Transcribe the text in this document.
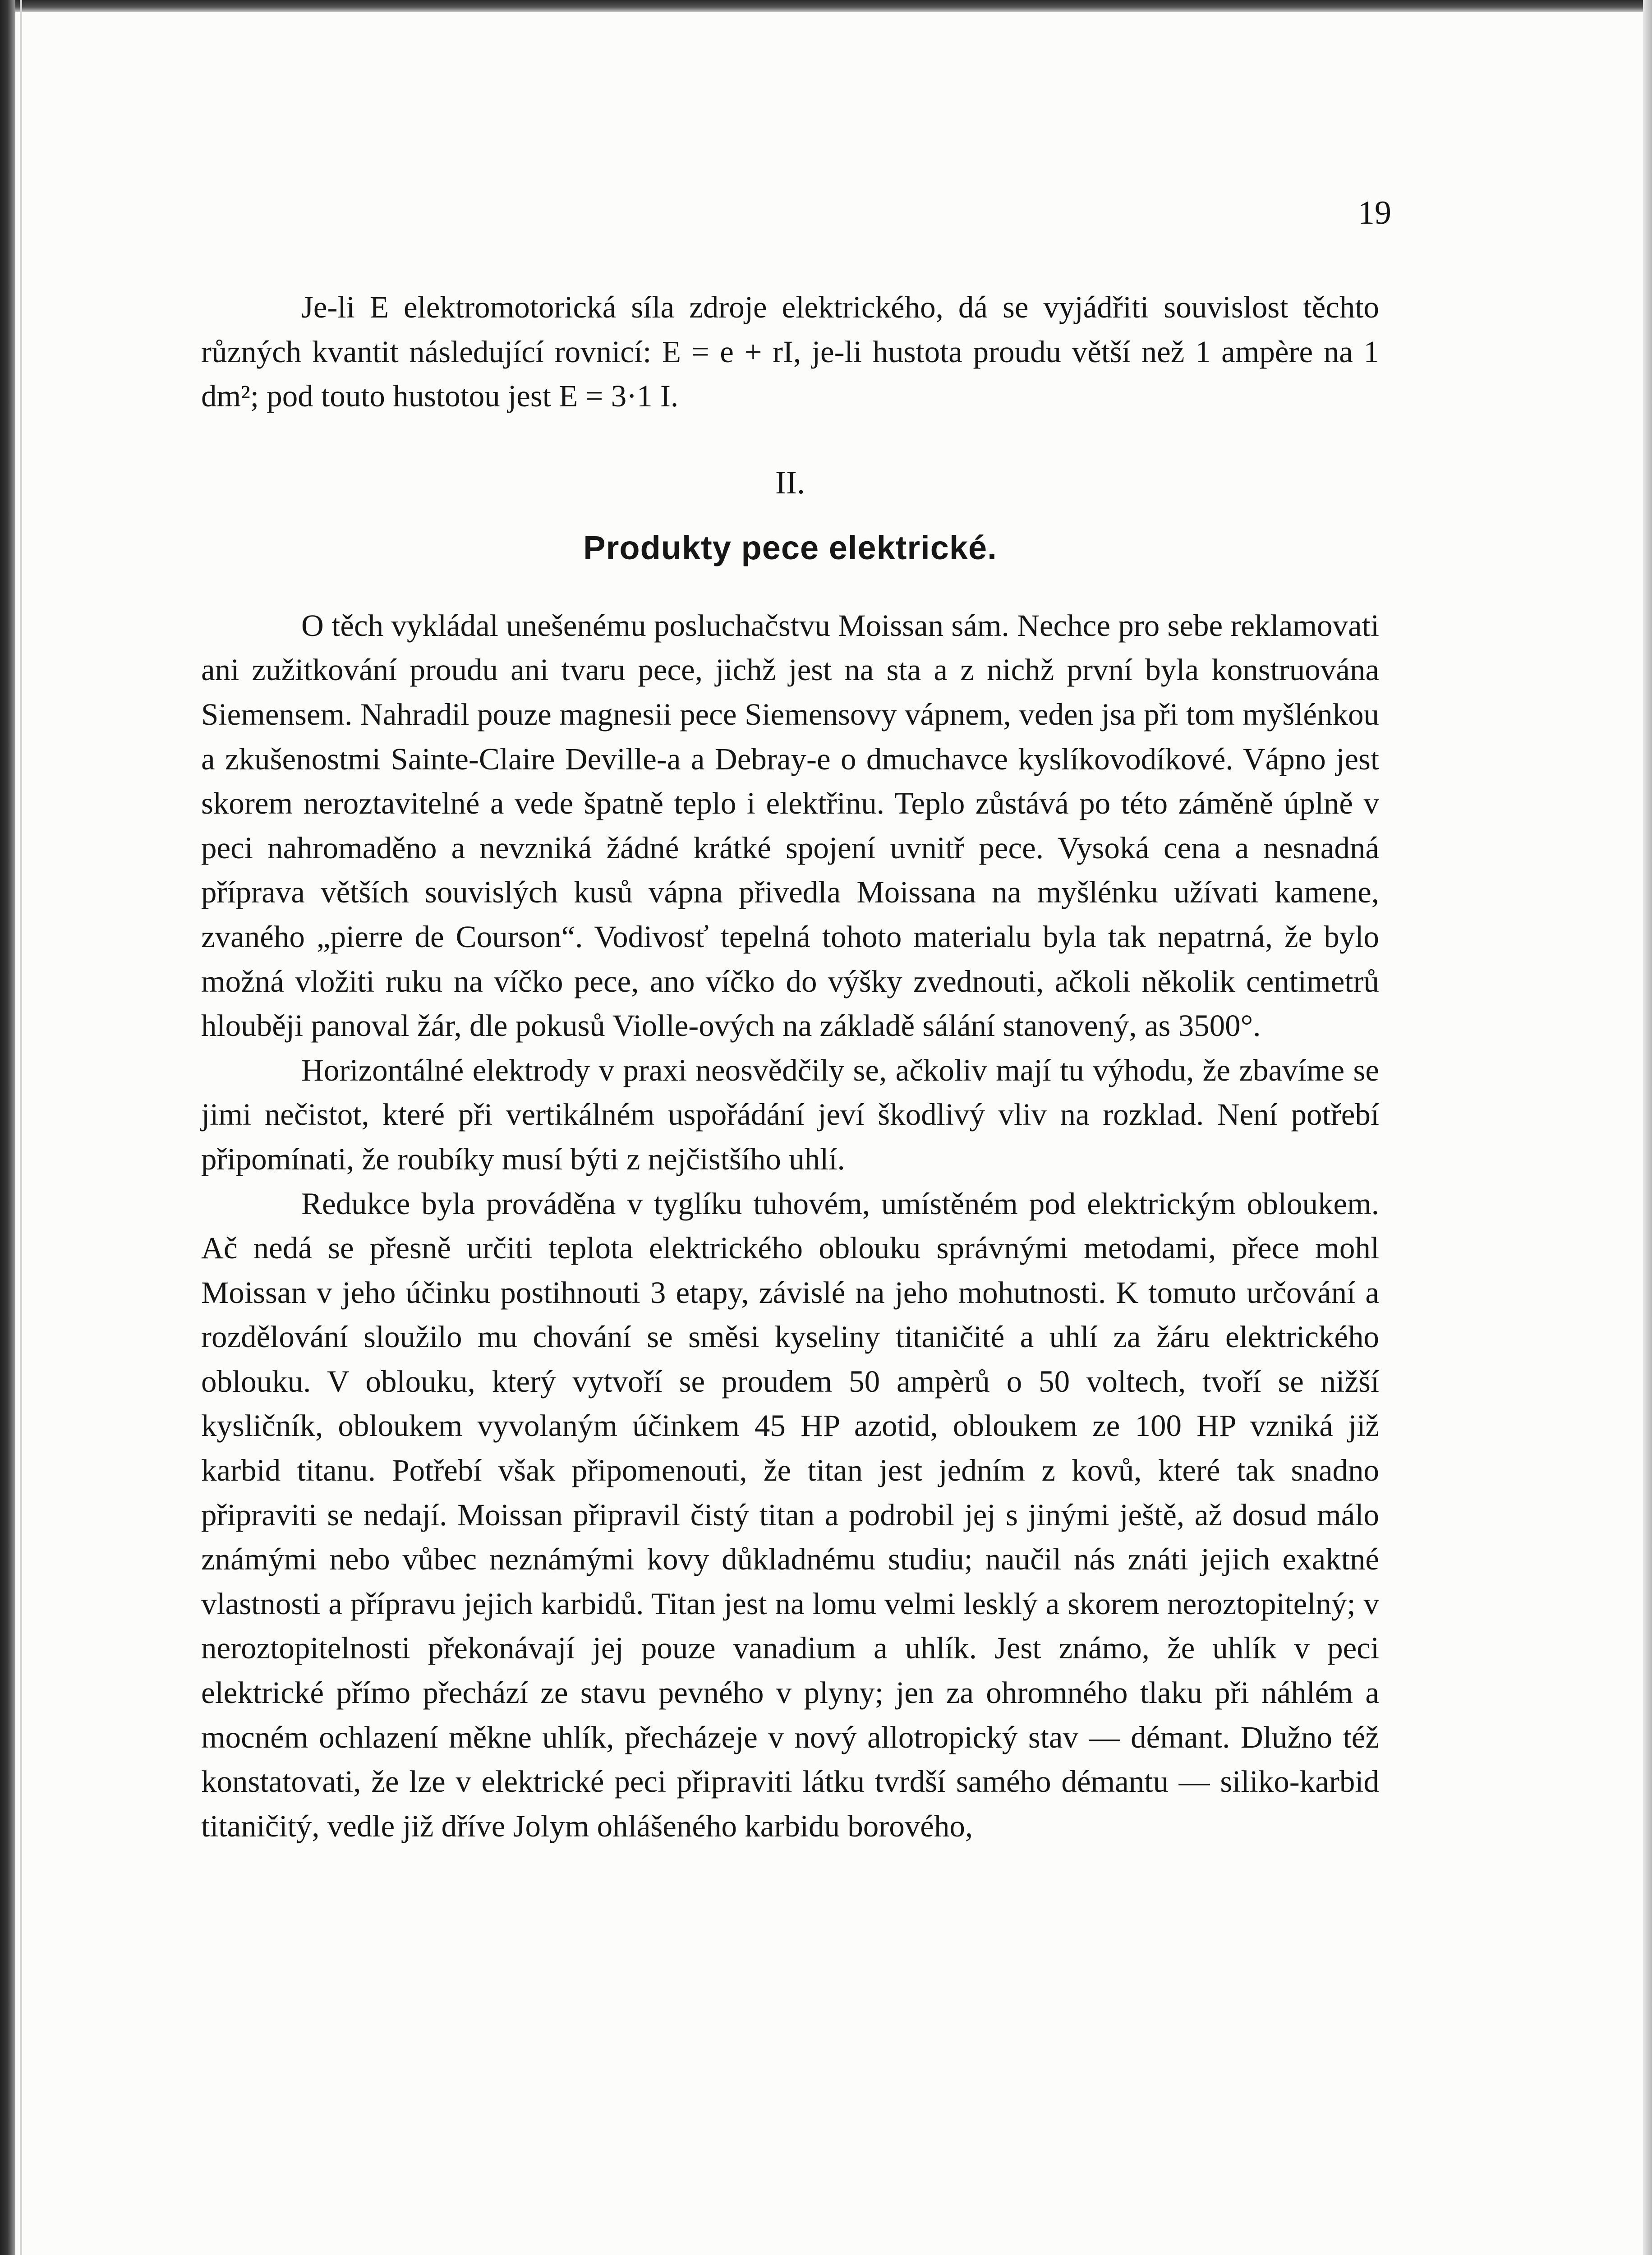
19

Je-li E elektromotorická síla zdroje elektrického, dá se vyjádřiti souvislost těchto různých kvantit následující rovnicí: E = e + rI, je-li hustota proudu větší než 1 ampère na 1 dm²; pod touto hustotou jest E = 3·1 I.

II.

Produkty pece elektrické.

O těch vykládal unešenému posluchačstvu Moissan sám. Nechce pro sebe reklamovati ani zužitkování proudu ani tvaru pece, jichž jest na sta a z nichž první byla konstruována Siemensem. Nahradil pouze magnesii pece Siemensovy vápnem, veden jsa při tom myšlénkou a zkušenostmi Sainte-Claire Deville-a a Debray-e o dmuchavce kyslíkovodíkové. Vápno jest skorem neroztavitelné a vede špatně teplo i elektřinu. Teplo zůstává po této záměně úplně v peci nahromaděno a nevzniká žádné krátké spojení uvnitř pece. Vysoká cena a nesnadná příprava větších souvislých kusů vápna přivedla Moissana na myšlénku užívati kamene, zvaného „pierre de Courson“. Vodivosť tepelná tohoto materialu byla tak nepatrná, že bylo možná vložiti ruku na víčko pece, ano víčko do výšky zvednouti, ačkoli několik centimetrů hlouběji panoval žár, dle pokusů Violle-ových na základě sálání stanovený, as 3500°.

Horizontálné elektrody v praxi neosvědčily se, ačkoliv mají tu výhodu, že zbavíme se jimi nečistot, které při vertikálném uspořádání jeví škodlivý vliv na rozklad. Není potřebí připomínati, že roubíky musí býti z nejčistšího uhlí.

Redukce byla prováděna v tyglíku tuhovém, umístěném pod elektrickým obloukem. Ač nedá se přesně určiti teplota elektrického oblouku správnými metodami, přece mohl Moissan v jeho účinku postihnouti 3 etapy, závislé na jeho mohutnosti. K tomuto určování a rozdělování sloužilo mu chování se směsi kyseliny titaničité a uhlí za žáru elektrického oblouku. V oblouku, který vytvoří se proudem 50 ampèrů o 50 voltech, tvoří se nižší kysličník, obloukem vyvolaným účinkem 45 HP azotid, obloukem ze 100 HP vzniká již karbid titanu. Potřebí však připomenouti, že titan jest jedním z kovů, které tak snadno připraviti se nedají. Moissan připravil čistý titan a podrobil jej s jinými ještě, až dosud málo známými nebo vůbec neznámými kovy důkladnému studiu; naučil nás znáti jejich exaktné vlastnosti a přípravu jejich karbidů. Titan jest na lomu velmi lesklý a skorem neroztopitelný; v neroztopitelnosti překonávají jej pouze vanadium a uhlík. Jest známo, že uhlík v peci elektrické přímo přechází ze stavu pevného v plyny; jen za ohromného tlaku při náhlém a mocném ochlazení měkne uhlík, přecházeje v nový allotropický stav — démant. Dlužno též konstatovati, že lze v elektrické peci připraviti látku tvrdší samého démantu — siliko-karbid titaničitý, vedle již dříve Jolym ohlášeného karbidu borového,
